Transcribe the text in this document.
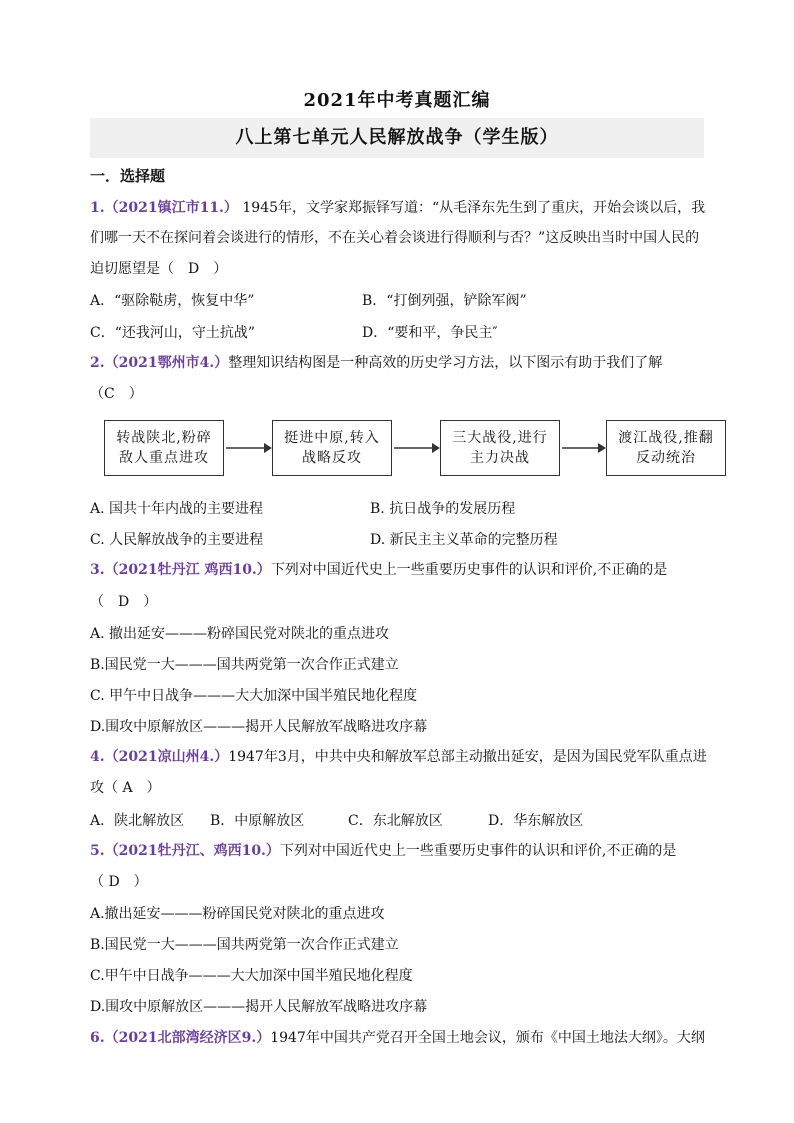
2021年中考真题汇编
八上第七单元人民解放战争（学生版）
一．选择题
1.（2021镇江市11.） 1945年，文学家郑振铎写道：“从毛泽东先生到了重庆，开始会谈以后，我
们哪一天不在探问着会谈进行的情形，不在关心着会谈进行得顺利与否？”这反映出当时中国人民的
迫切愿望是（　D　）
A．“驱除鞑虏，恢复中华”	B．“打倒列强，铲除军阀”
C．“还我河山，守土抗战”	D．“要和平，争民主″
2.（2021鄂州市4.）整理知识结构图是一种高效的历史学习方法，以下图示有助于我们了解
（C　）
转战陕北,粉碎敌人重点进攻
挺进中原,转入战略反攻
三大战役,进行主力决战
渡江战役,推翻反动统治
A. 国共十年内战的主要进程	B. 抗日战争的发展历程
C. 人民解放战争的主要进程	D. 新民主主义革命的完整历程
3.（2021牡丹江 鸡西10.）下列对中国近代史上一些重要历史事件的认识和评价,不正确的是
（　D　）
A. 撤出延安———粉碎国民党对陕北的重点进攻
B.国民党一大———国共两党第一次合作正式建立
C. 甲午中日战争———大大加深中国半殖民地化程度
D.围攻中原解放区———揭开人民解放军战略进攻序幕
4.（2021凉山州4.）1947年3月，中共中央和解放军总部主动撤出延安，是因为国民党军队重点进
攻（ A　）
A．陕北解放区 B．中原解放区	C．东北解放区	D．华东解放区
5.（2021牡丹江、鸡西10.）下列对中国近代史上一些重要历史事件的认识和评价,不正确的是
（ D　）
A.撤出延安———粉碎国民党对陕北的重点进攻
B.国民党一大———国共两党第一次合作正式建立
C.甲午中日战争———大大加深中国半殖民地化程度
D.围攻中原解放区———揭开人民解放军战略进攻序幕
6.（2021北部湾经济区9.）1947年中国共产党召开全国土地会议，颁布《中国土地法大纲》。大纲
